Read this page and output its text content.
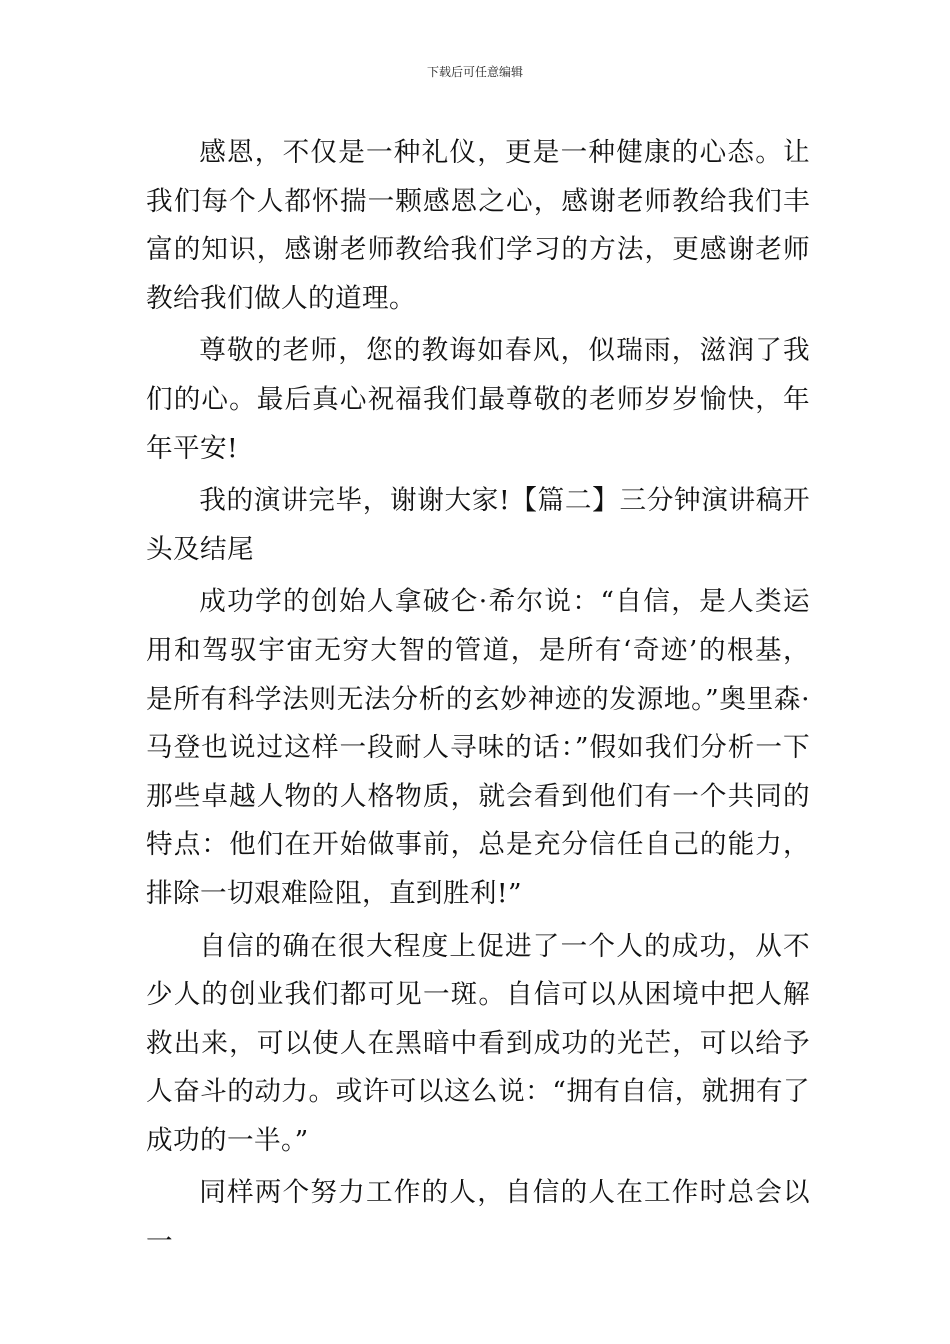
下载后可任意编辑

感恩，不仅是一种礼仪，更是一种健康的心态。让我们每个人都怀揣一颗感恩之心，感谢老师教给我们丰富的知识，感谢老师教给我们学习的方法，更感谢老师教给我们做人的道理。

尊敬的老师，您的教诲如春风，似瑞雨，滋润了我们的心。最后真心祝福我们最尊敬的老师岁岁愉快，年年平安!

我的演讲完毕，谢谢大家!【篇二】三分钟演讲稿开头及结尾

成功学的创始人拿破仑·希尔说：“自信，是人类运用和驾驭宇宙无穷大智的管道，是所有‘奇迹’的根基，是所有科学法则无法分析的玄妙神迹的发源地。”奥里森·马登也说过这样一段耐人寻味的话：”假如我们分析一下那些卓越人物的人格物质，就会看到他们有一个共同的特点：他们在开始做事前，总是充分信任自己的能力，排除一切艰难险阻，直到胜利!”

自信的确在很大程度上促进了一个人的成功，从不少人的创业我们都可见一斑。自信可以从困境中把人解救出来，可以使人在黑暗中看到成功的光芒，可以给予人奋斗的动力。或许可以这么说：“拥有自信，就拥有了成功的一半。”

同样两个努力工作的人，自信的人在工作时总会以一
